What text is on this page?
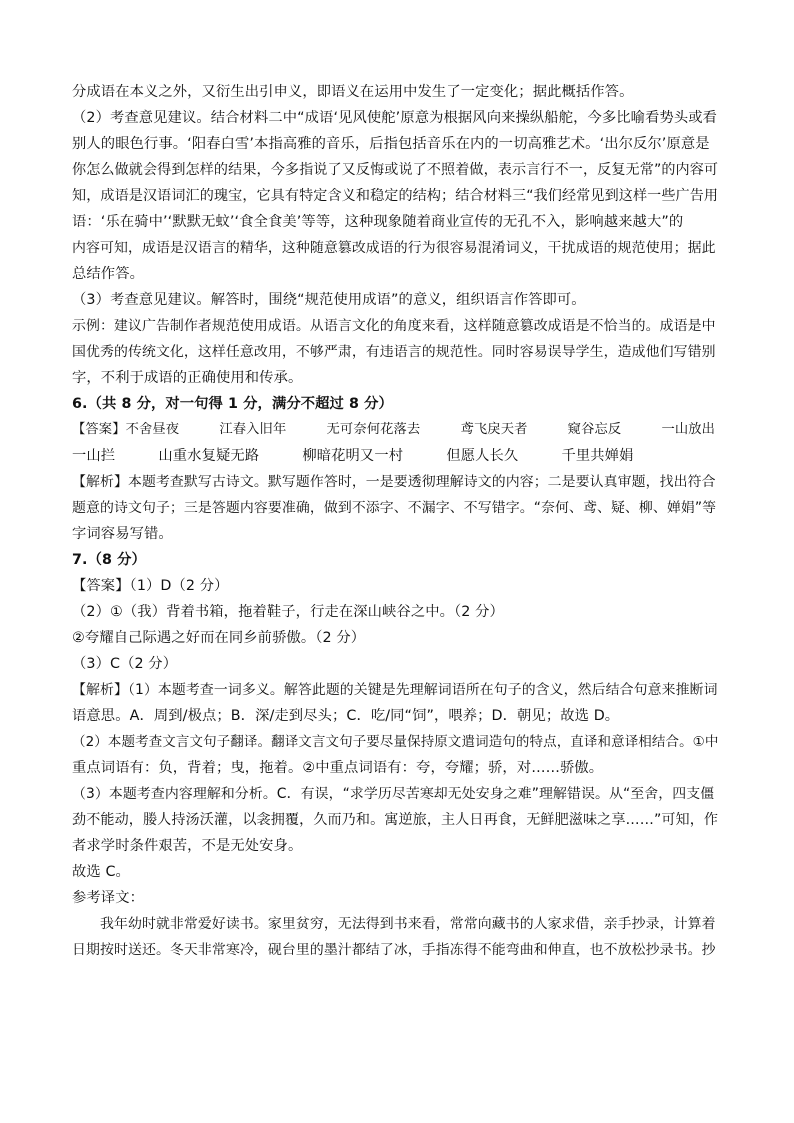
分成语在本义之外，又衍生出引申义，即语义在运用中发生了一定变化；据此概括作答。
（2）考查意见建议。结合材料二中“成语‘见风使舵’原意为根据风向来操纵船舵，今多比喻看势头或看
别人的眼色行事。‘阳春白雪’本指高雅的音乐，后指包括音乐在内的一切高雅艺术。‘出尔反尔’原意是
你怎么做就会得到怎样的结果，今多指说了又反悔或说了不照着做，表示言行不一，反复无常”的内容可
知，成语是汉语词汇的瑰宝，它具有特定含义和稳定的结构；结合材料三“我们经常见到这样一些广告用
语：‘乐在骑中’‘默默无蚊’‘食全食美’等等，这种现象随着商业宣传的无孔不入，影响越来越大”的
内容可知，成语是汉语言的精华，这种随意篡改成语的行为很容易混淆词义，干扰成语的规范使用；据此
总结作答。
（3）考查意见建议。解答时，围绕“规范使用成语”的意义，组织语言作答即可。
示例：建议广告制作者规范使用成语。从语言文化的角度来看，这样随意篡改成语是不恰当的。成语是中
国优秀的传统文化，这样任意改用，不够严肃，有违语言的规范性。同时容易误导学生，造成他们写错别
字，不利于成语的正确使用和传承。
6.（共 8 分，对一句得 1 分，满分不超过 8 分）
【答案】不舍昼夜　　　江春入旧年　　　无可奈何花落去　　　鸢飞戾天者　　　窥谷忘反　　　一山放出
一山拦　　　山重水复疑无路　　　柳暗花明又一村　　　但愿人长久　　　千里共婵娟
【解析】本题考查默写古诗文。默写题作答时，一是要透彻理解诗文的内容；二是要认真审题，找出符合
题意的诗文句子；三是答题内容要准确，做到不添字、不漏字、不写错字。“奈何、鸢、疑、柳、婵娟”等
字词容易写错。
7.（8 分）
【答案】（1）D（2 分）
（2）①（我）背着书箱，拖着鞋子，行走在深山峡谷之中。（2 分）
②夸耀自己际遇之好而在同乡前骄傲。（2 分）
（3）C（2 分）
【解析】（1）本题考查一词多义。解答此题的关键是先理解词语所在句子的含义，然后结合句意来推断词
语意思。A．周到/极点；B．深/走到尽头；C．吃/同“饲”，喂养；D．朝见；故选 D。
（2）本题考查文言文句子翻译。翻译文言文句子要尽量保持原文遣词造句的特点，直译和意译相结合。①中
重点词语有：负，背着；曳，拖着。②中重点词语有：夸，夸耀；骄，对……骄傲。
（3）本题考查内容理解和分析。C．有误，“求学历尽苦寒却无处安身之难”理解错误。从“至舍，四支僵
劲不能动，媵人持汤沃灌，以衾拥覆，久而乃和。寓逆旅，主人日再食，无鲜肥滋味之享……”可知，作
者求学时条件艰苦，不是无处安身。
故选 C。
参考译文：
　　我年幼时就非常爱好读书。家里贫穷，无法得到书来看，常常向藏书的人家求借，亲手抄录，计算着
日期按时送还。冬天非常寒冷，砚台里的墨汁都结了冰，手指冻得不能弯曲和伸直，也不放松抄录书。抄
